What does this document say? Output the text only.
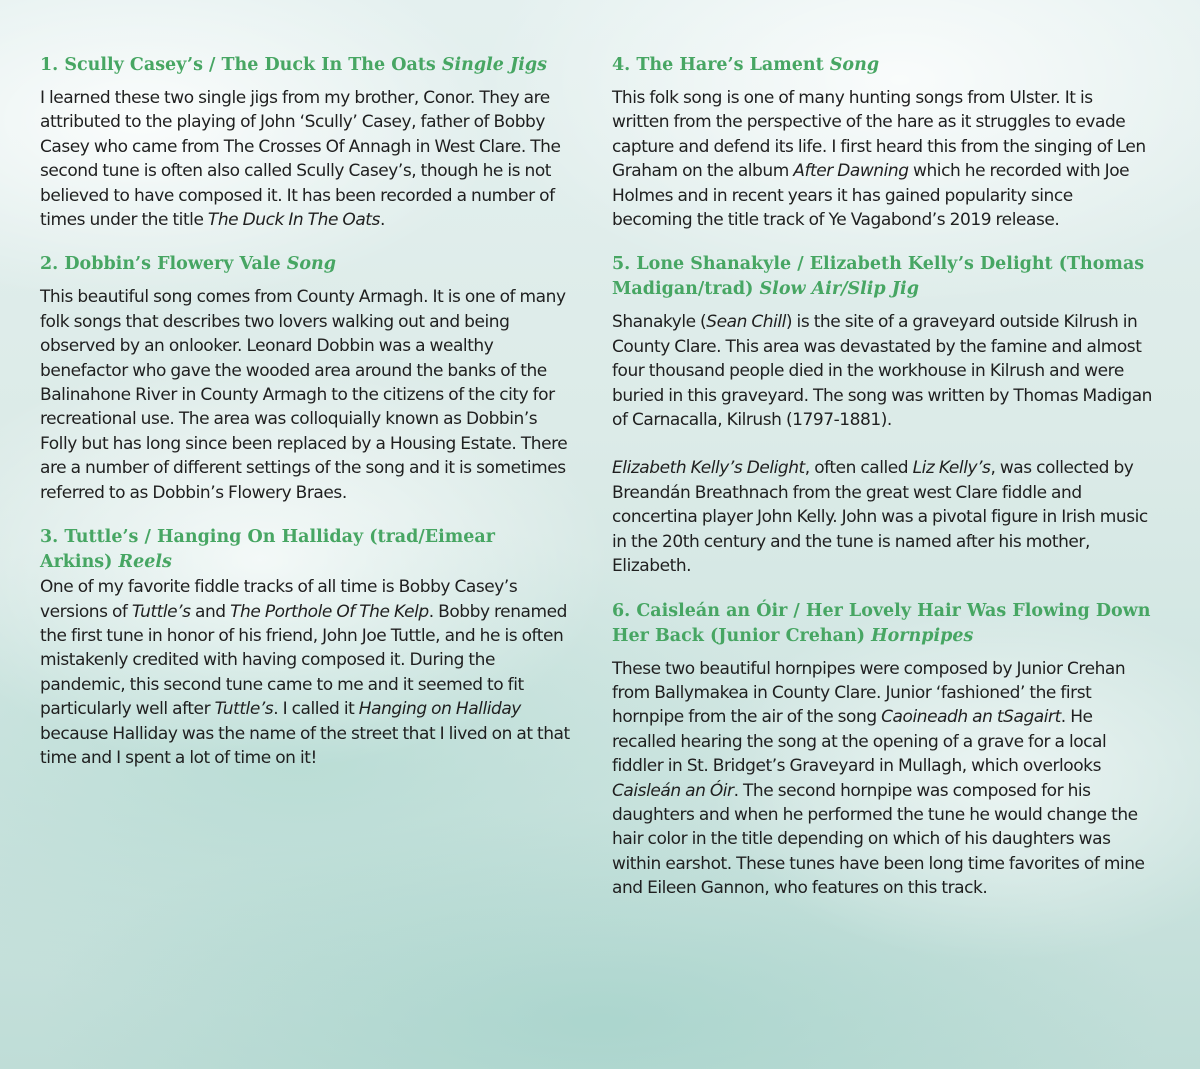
1. Scully Casey’s / The Duck In The Oats Single Jigs

I learned these two single jigs from my brother, Conor. They are attributed to the playing of John ‘Scully’ Casey, father of Bobby Casey who came from The Crosses Of Annagh in West Clare. The second tune is often also called Scully Casey’s, though he is not believed to have composed it. It has been recorded a number of times under the title The Duck In The Oats.

2. Dobbin’s Flowery Vale Song

This beautiful song comes from County Armagh. It is one of many folk songs that describes two lovers walking out and being observed by an onlooker. Leonard Dobbin was a wealthy benefactor who gave the wooded area around the banks of the Balinahone River in County Armagh to the citizens of the city for recreational use. The area was colloquially known as Dobbin’s Folly but has long since been replaced by a Housing Estate. There are a number of different settings of the song and it is sometimes referred to as Dobbin’s Flowery Braes.

3. Tuttle’s / Hanging On Halliday (trad/Eimear Arkins) Reels

One of my favorite fiddle tracks of all time is Bobby Casey’s versions of Tuttle’s and The Porthole Of The Kelp. Bobby renamed the first tune in honor of his friend, John Joe Tuttle, and he is often mistakenly credited with having composed it. During the pandemic, this second tune came to me and it seemed to fit particularly well after Tuttle’s. I called it Hanging on Halliday because Halliday was the name of the street that I lived on at that time and I spent a lot of time on it!

4. The Hare’s Lament Song

This folk song is one of many hunting songs from Ulster. It is written from the perspective of the hare as it struggles to evade capture and defend its life. I first heard this from the singing of Len Graham on the album After Dawning which he recorded with Joe Holmes and in recent years it has gained popularity since becoming the title track of Ye Vagabond’s 2019 release.

5. Lone Shanakyle / Elizabeth Kelly’s Delight (Thomas Madigan/trad) Slow Air/Slip Jig

Shanakyle (Sean Chill) is the site of a graveyard outside Kilrush in County Clare. This area was devastated by the famine and almost four thousand people died in the workhouse in Kilrush and were buried in this graveyard. The song was written by Thomas Madigan of Carnacalla, Kilrush (1797-1881).

Elizabeth Kelly’s Delight, often called Liz Kelly’s, was collected by Breandán Breathnach from the great west Clare fiddle and concertina player John Kelly. John was a pivotal figure in Irish music in the 20th century and the tune is named after his mother, Elizabeth.

6. Caisleán an Óir / Her Lovely Hair Was Flowing Down Her Back (Junior Crehan) Hornpipes

These two beautiful hornpipes were composed by Junior Crehan from Ballymakea in County Clare. Junior ‘fashioned’ the first hornpipe from the air of the song Caoineadh an tSagairt. He recalled hearing the song at the opening of a grave for a local fiddler in St. Bridget’s Graveyard in Mullagh, which overlooks Caisleán an Óir. The second hornpipe was composed for his daughters and when he performed the tune he would change the hair color in the title depending on which of his daughters was within earshot. These tunes have been long time favorites of mine and Eileen Gannon, who features on this track.
